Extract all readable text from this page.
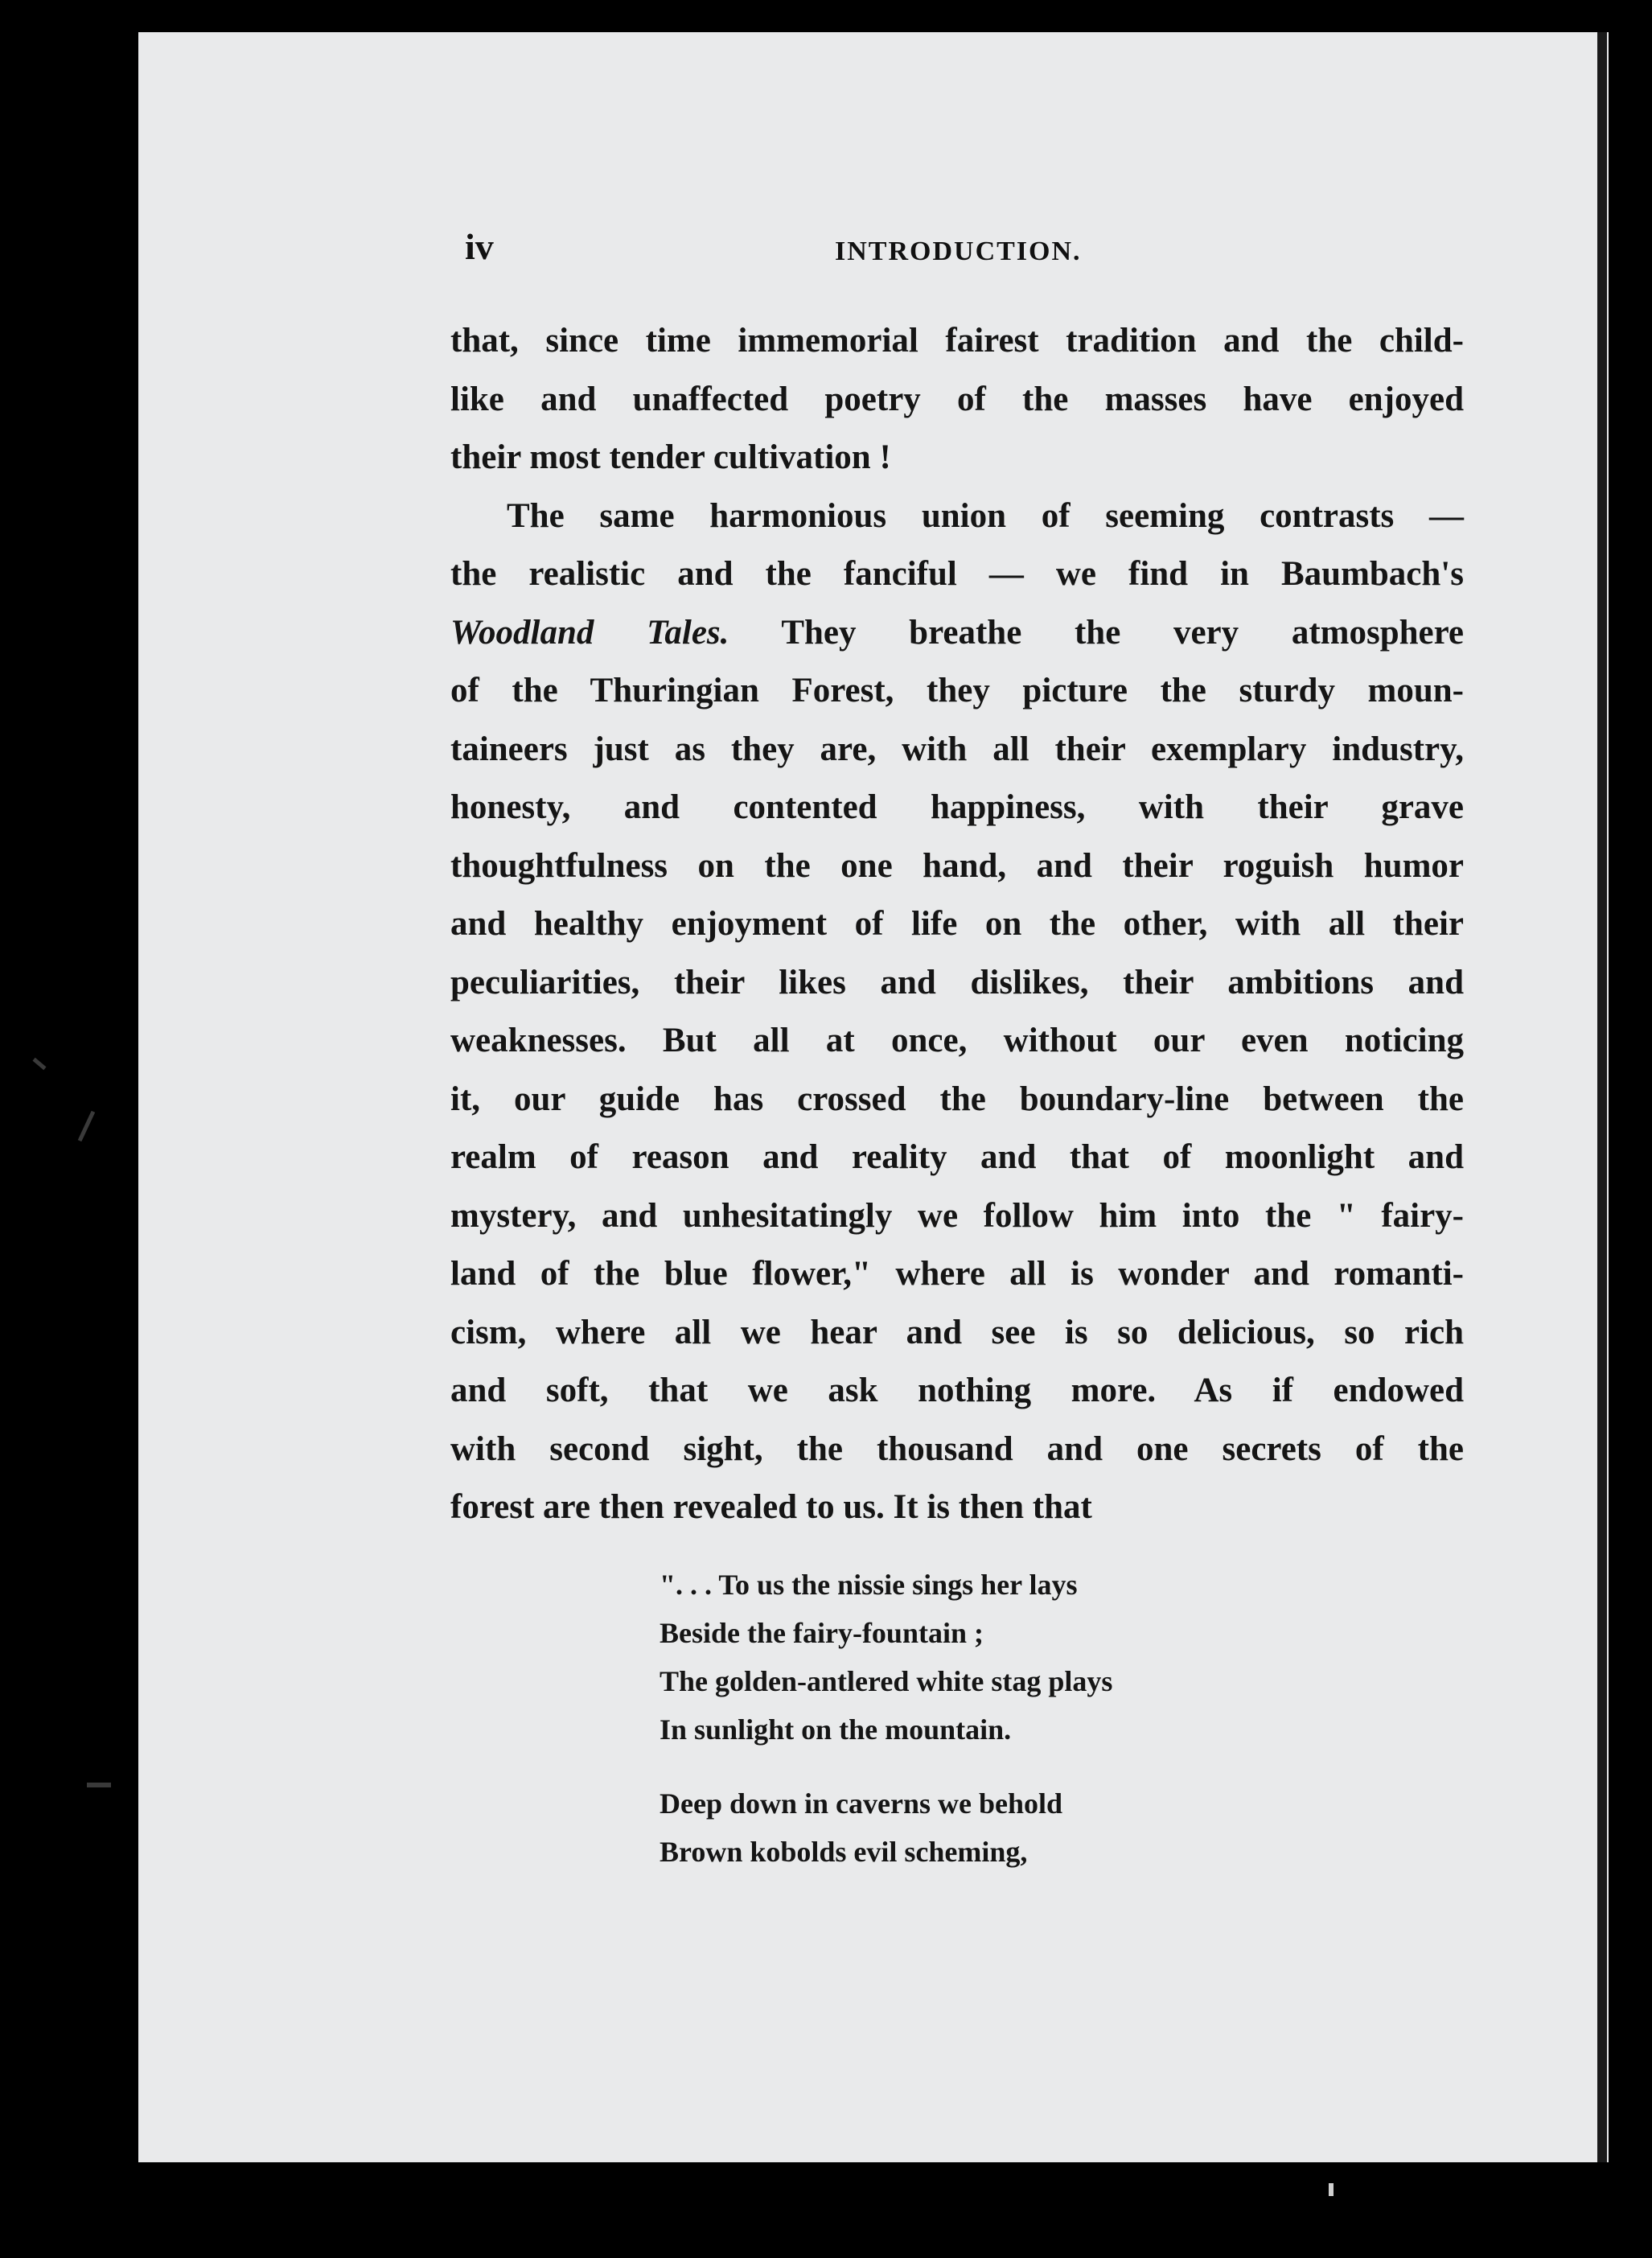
iv	INTRODUCTION.
that, since time immemorial fairest tradition and the child-
like and unaffected poetry of the masses have enjoyed
their most tender cultivation !
The same harmonious union of seeming contrasts —
the realistic and the fanciful — we find in Baumbach's
Woodland Tales. They breathe the very atmosphere
of the Thuringian Forest, they picture the sturdy moun-
taineers just as they are, with all their exemplary industry,
honesty, and contented happiness, with their grave
thoughtfulness on the one hand, and their roguish humor
and healthy enjoyment of life on the other, with all their
peculiarities, their likes and dislikes, their ambitions and
weaknesses. But all at once, without our even noticing
it, our guide has crossed the boundary-line between the
realm of reason and reality and that of moonlight and
mystery, and unhesitatingly we follow him into the " fairy-
land of the blue flower," where all is wonder and romanti-
cism, where all we hear and see is so delicious, so rich
and soft, that we ask nothing more. As if endowed
with second sight, the thousand and one secrets of the
forest are then revealed to us. It is then that
". . . To us the nissie sings her lays
Beside the fairy-fountain ;
The golden-antlered white stag plays
In sunlight on the mountain.
Deep down in caverns we behold
Brown kobolds evil scheming,
